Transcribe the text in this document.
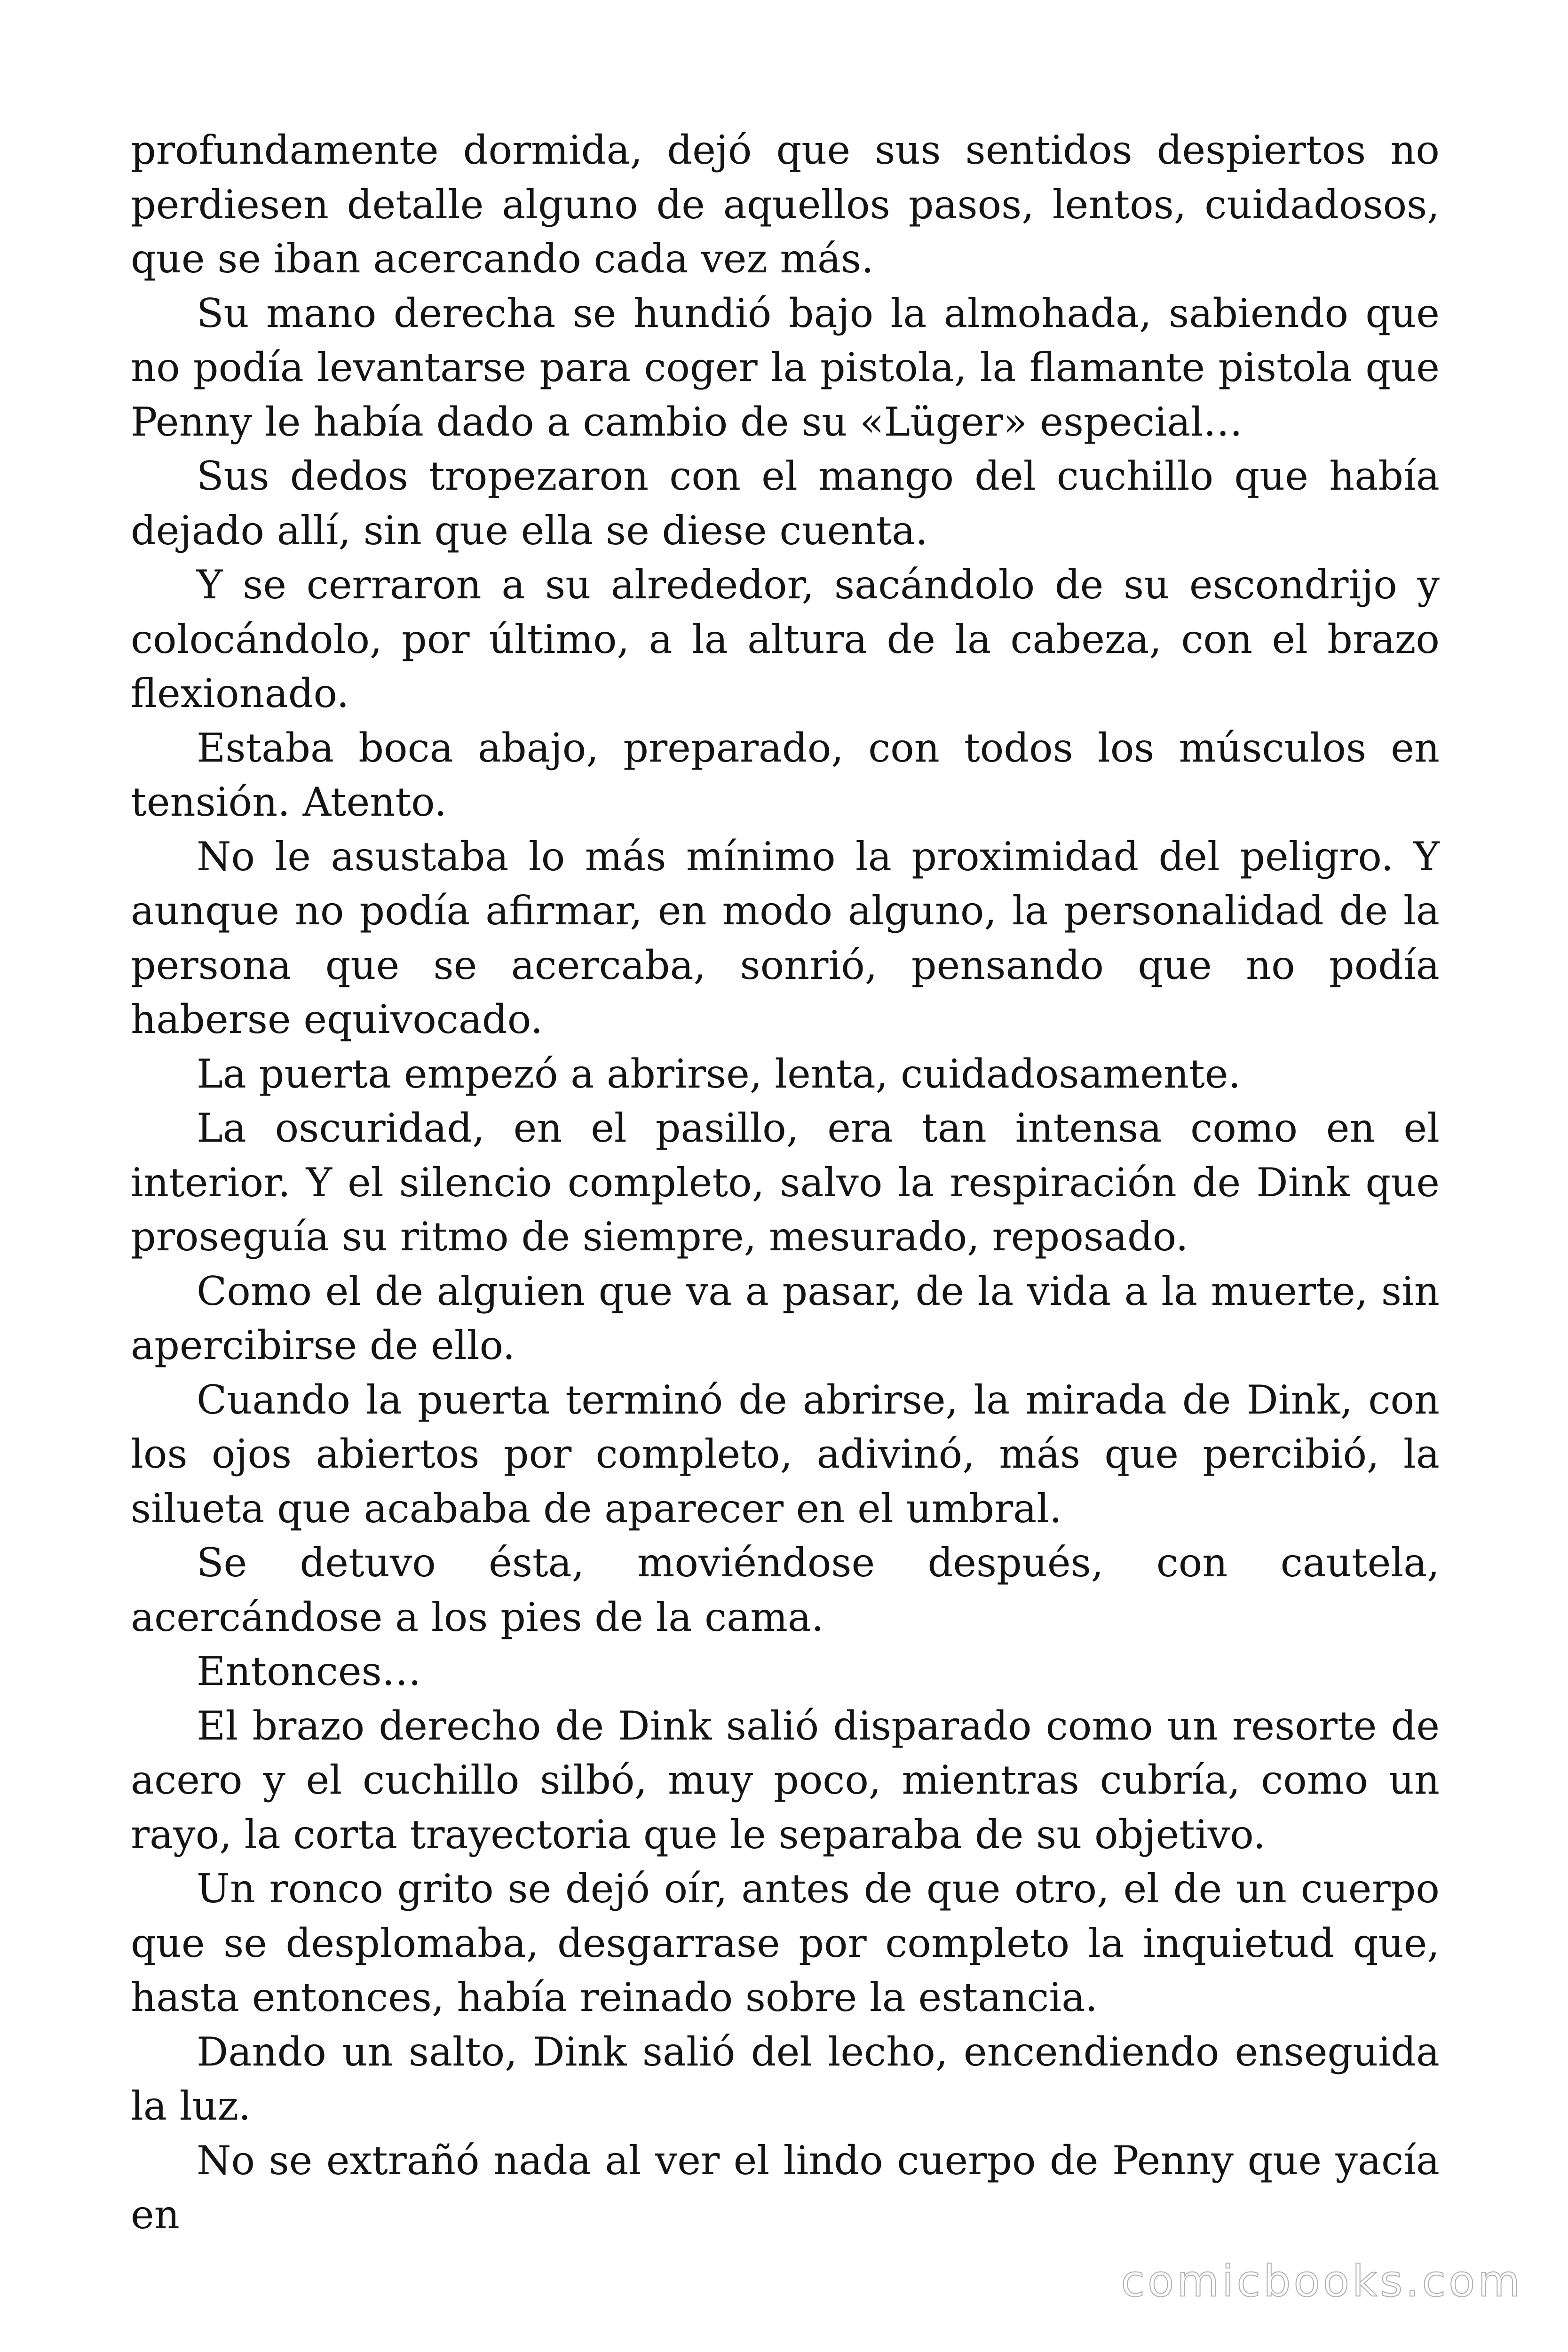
profundamente dormida, dejó que sus sentidos despiertos no perdiesen detalle alguno de aquellos pasos, lentos, cuidadosos, que se iban acercando cada vez más.

Su mano derecha se hundió bajo la almohada, sabiendo que no podía levantarse para coger la pistola, la flamante pistola que Penny le había dado a cambio de su «Lüger» especial…

Sus dedos tropezaron con el mango del cuchillo que había dejado allí, sin que ella se diese cuenta.

Y se cerraron a su alrededor, sacándolo de su escondrijo y colocándolo, por último, a la altura de la cabeza, con el brazo flexionado.

Estaba boca abajo, preparado, con todos los músculos en tensión. Atento.

No le asustaba lo más mínimo la proximidad del peligro. Y aunque no podía afirmar, en modo alguno, la personalidad de la persona que se acercaba, sonrió, pensando que no podía haberse equivocado.

La puerta empezó a abrirse, lenta, cuidadosamente.

La oscuridad, en el pasillo, era tan intensa como en el interior. Y el silencio completo, salvo la respiración de Dink que proseguía su ritmo de siempre, mesurado, reposado.

Como el de alguien que va a pasar, de la vida a la muerte, sin apercibirse de ello.

Cuando la puerta terminó de abrirse, la mirada de Dink, con los ojos abiertos por completo, adivinó, más que percibió, la silueta que acababa de aparecer en el umbral.

Se detuvo ésta, moviéndose después, con cautela, acercándose a los pies de la cama.

Entonces…

El brazo derecho de Dink salió disparado como un resorte de acero y el cuchillo silbó, muy poco, mientras cubría, como un rayo, la corta trayectoria que le separaba de su objetivo.

Un ronco grito se dejó oír, antes de que otro, el de un cuerpo que se desplomaba, desgarrase por completo la inquietud que, hasta entonces, había reinado sobre la estancia.

Dando un salto, Dink salió del lecho, encendiendo enseguida la luz.

No se extrañó nada al ver el lindo cuerpo de Penny que yacía en

comicbooks.com
